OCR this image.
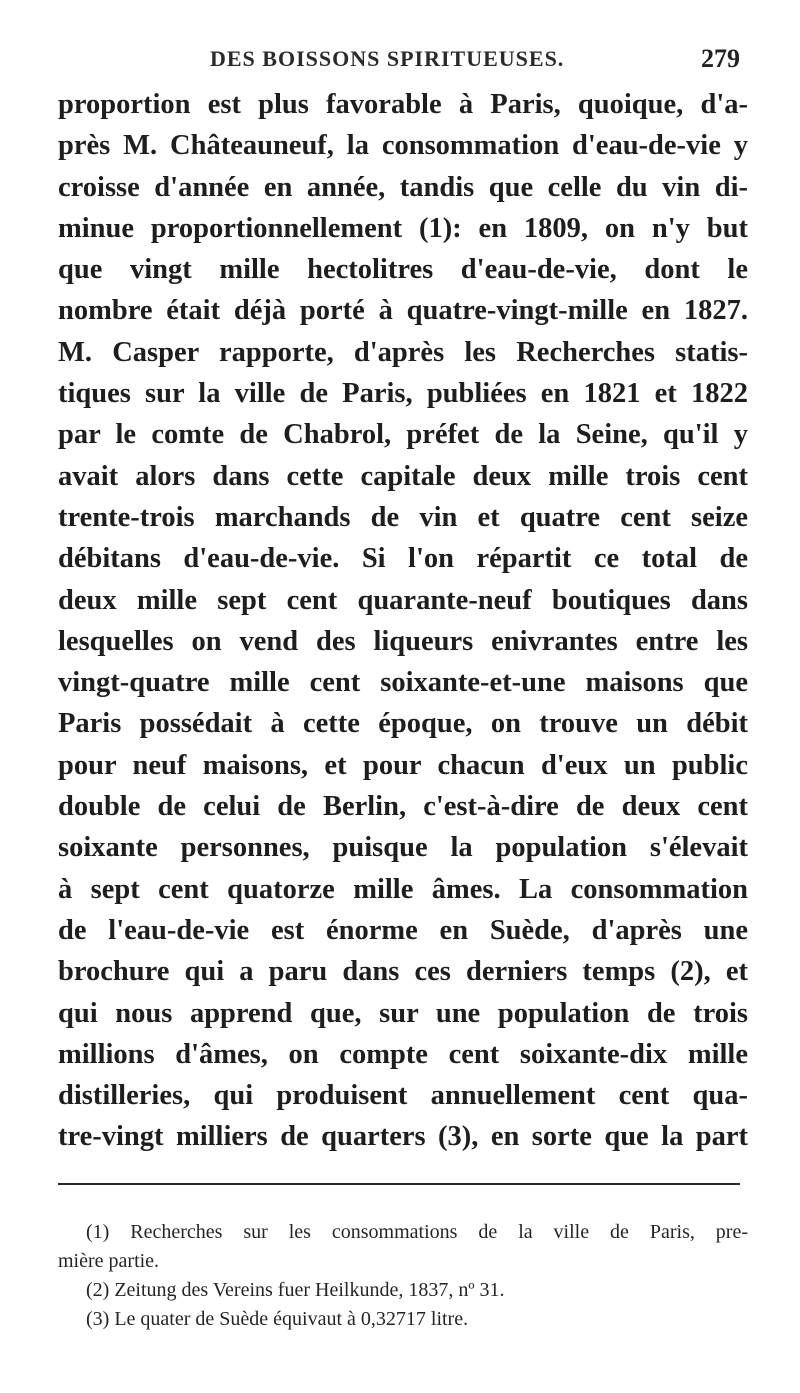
DES BOISSONS SPIRITUEUSES.	279
proportion est plus favorable à Paris, quoique, d'a-
près M. Châteauneuf, la consommation d'eau-de-vie y
croisse d'année en année, tandis que celle du vin di-
minue proportionnellement (1): en 1809, on n'y but
que vingt mille hectolitres d'eau-de-vie, dont le
nombre était déjà porté à quatre-vingt-mille en 1827.
M. Casper rapporte, d'après les Recherches statis-
tiques sur la ville de Paris, publiées en 1821 et 1822
par le comte de Chabrol, préfet de la Seine, qu'il y
avait alors dans cette capitale deux mille trois cent
trente-trois marchands de vin et quatre cent seize
débitans d'eau-de-vie. Si l'on répartit ce total de
deux mille sept cent quarante-neuf boutiques dans
lesquelles on vend des liqueurs enivrantes entre les
vingt-quatre mille cent soixante-et-une maisons que
Paris possédait à cette époque, on trouve un débit
pour neuf maisons, et pour chacun d'eux un public
double de celui de Berlin, c'est-à-dire de deux cent
soixante personnes, puisque la population s'élevait
à sept cent quatorze mille âmes. La consommation
de l'eau-de-vie est énorme en Suède, d'après une
brochure qui a paru dans ces derniers temps (2), et
qui nous apprend que, sur une population de trois
millions d'âmes, on compte cent soixante-dix mille
distilleries, qui produisent annuellement cent qua-
tre-vingt milliers de quarters (3), en sorte que la part
(1) Recherches sur les consommations de la ville de Paris, pre-
mière partie.
(2) Zeitung des Vereins fuer Heilkunde, 1837, nº 31.
(3) Le quater de Suède équivaut à 0,32717 litre.
